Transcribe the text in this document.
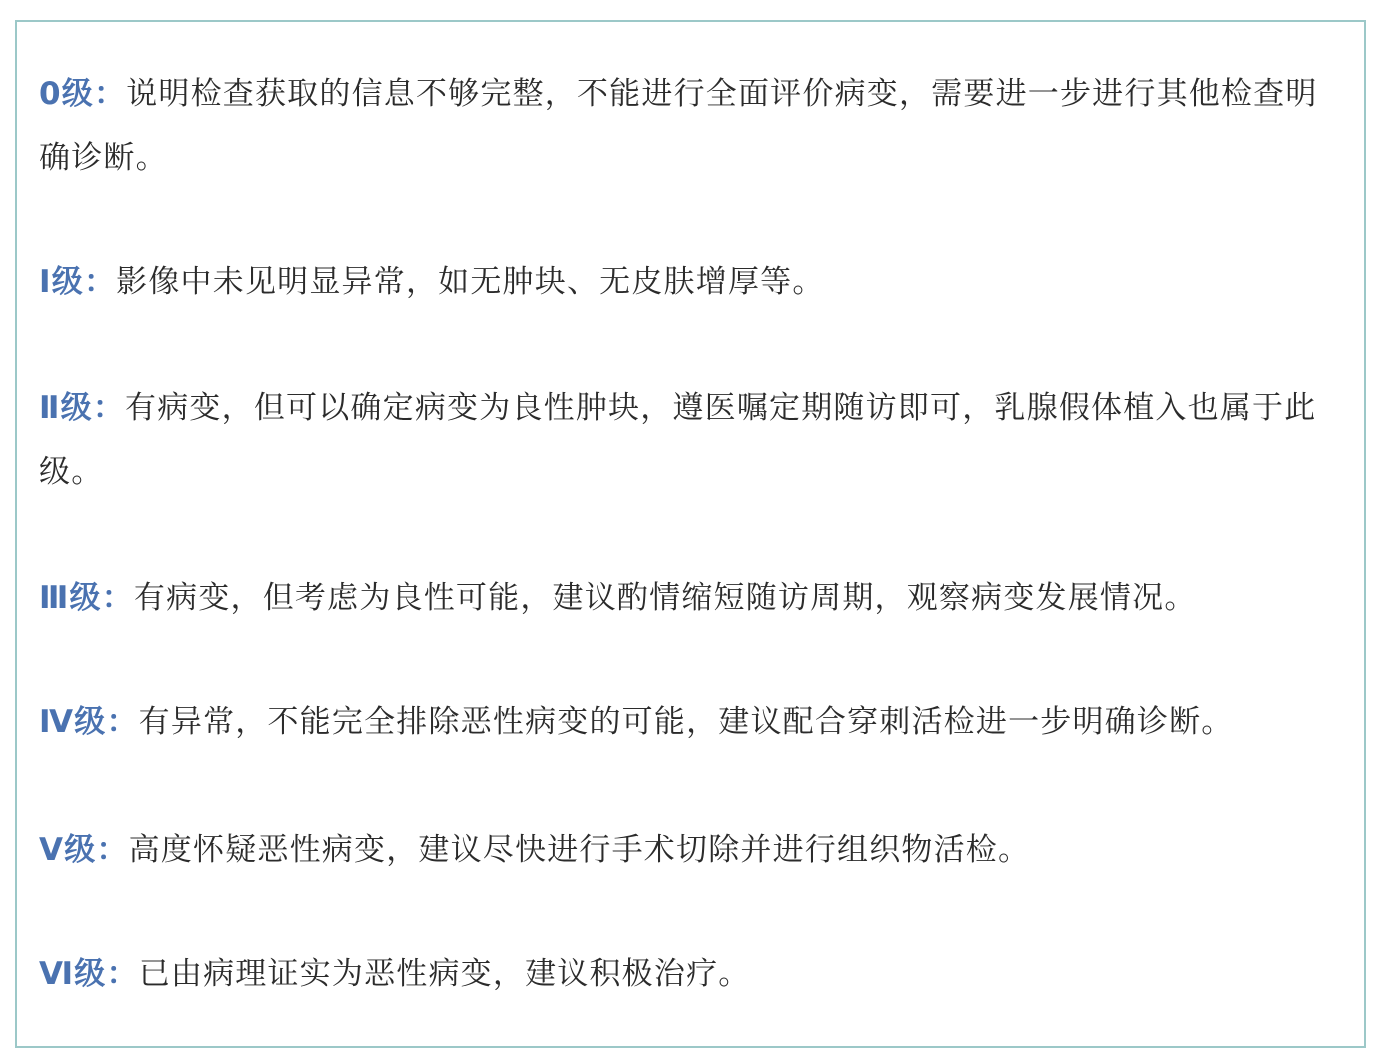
0级：说明检查获取的信息不够完整，不能进行全面评价病变，需要进一步进行其他检查明确诊断。
Ⅰ级：影像中未见明显异常，如无肿块、无皮肤增厚等。
Ⅱ级：有病变，但可以确定病变为良性肿块，遵医嘱定期随访即可，乳腺假体植入也属于此级。
Ⅲ级：有病变，但考虑为良性可能，建议酌情缩短随访周期，观察病变发展情况。
Ⅳ级：有异常，不能完全排除恶性病变的可能，建议配合穿刺活检进一步明确诊断。
Ⅴ级：高度怀疑恶性病变，建议尽快进行手术切除并进行组织物活检。
Ⅵ级：已由病理证实为恶性病变，建议积极治疗。
